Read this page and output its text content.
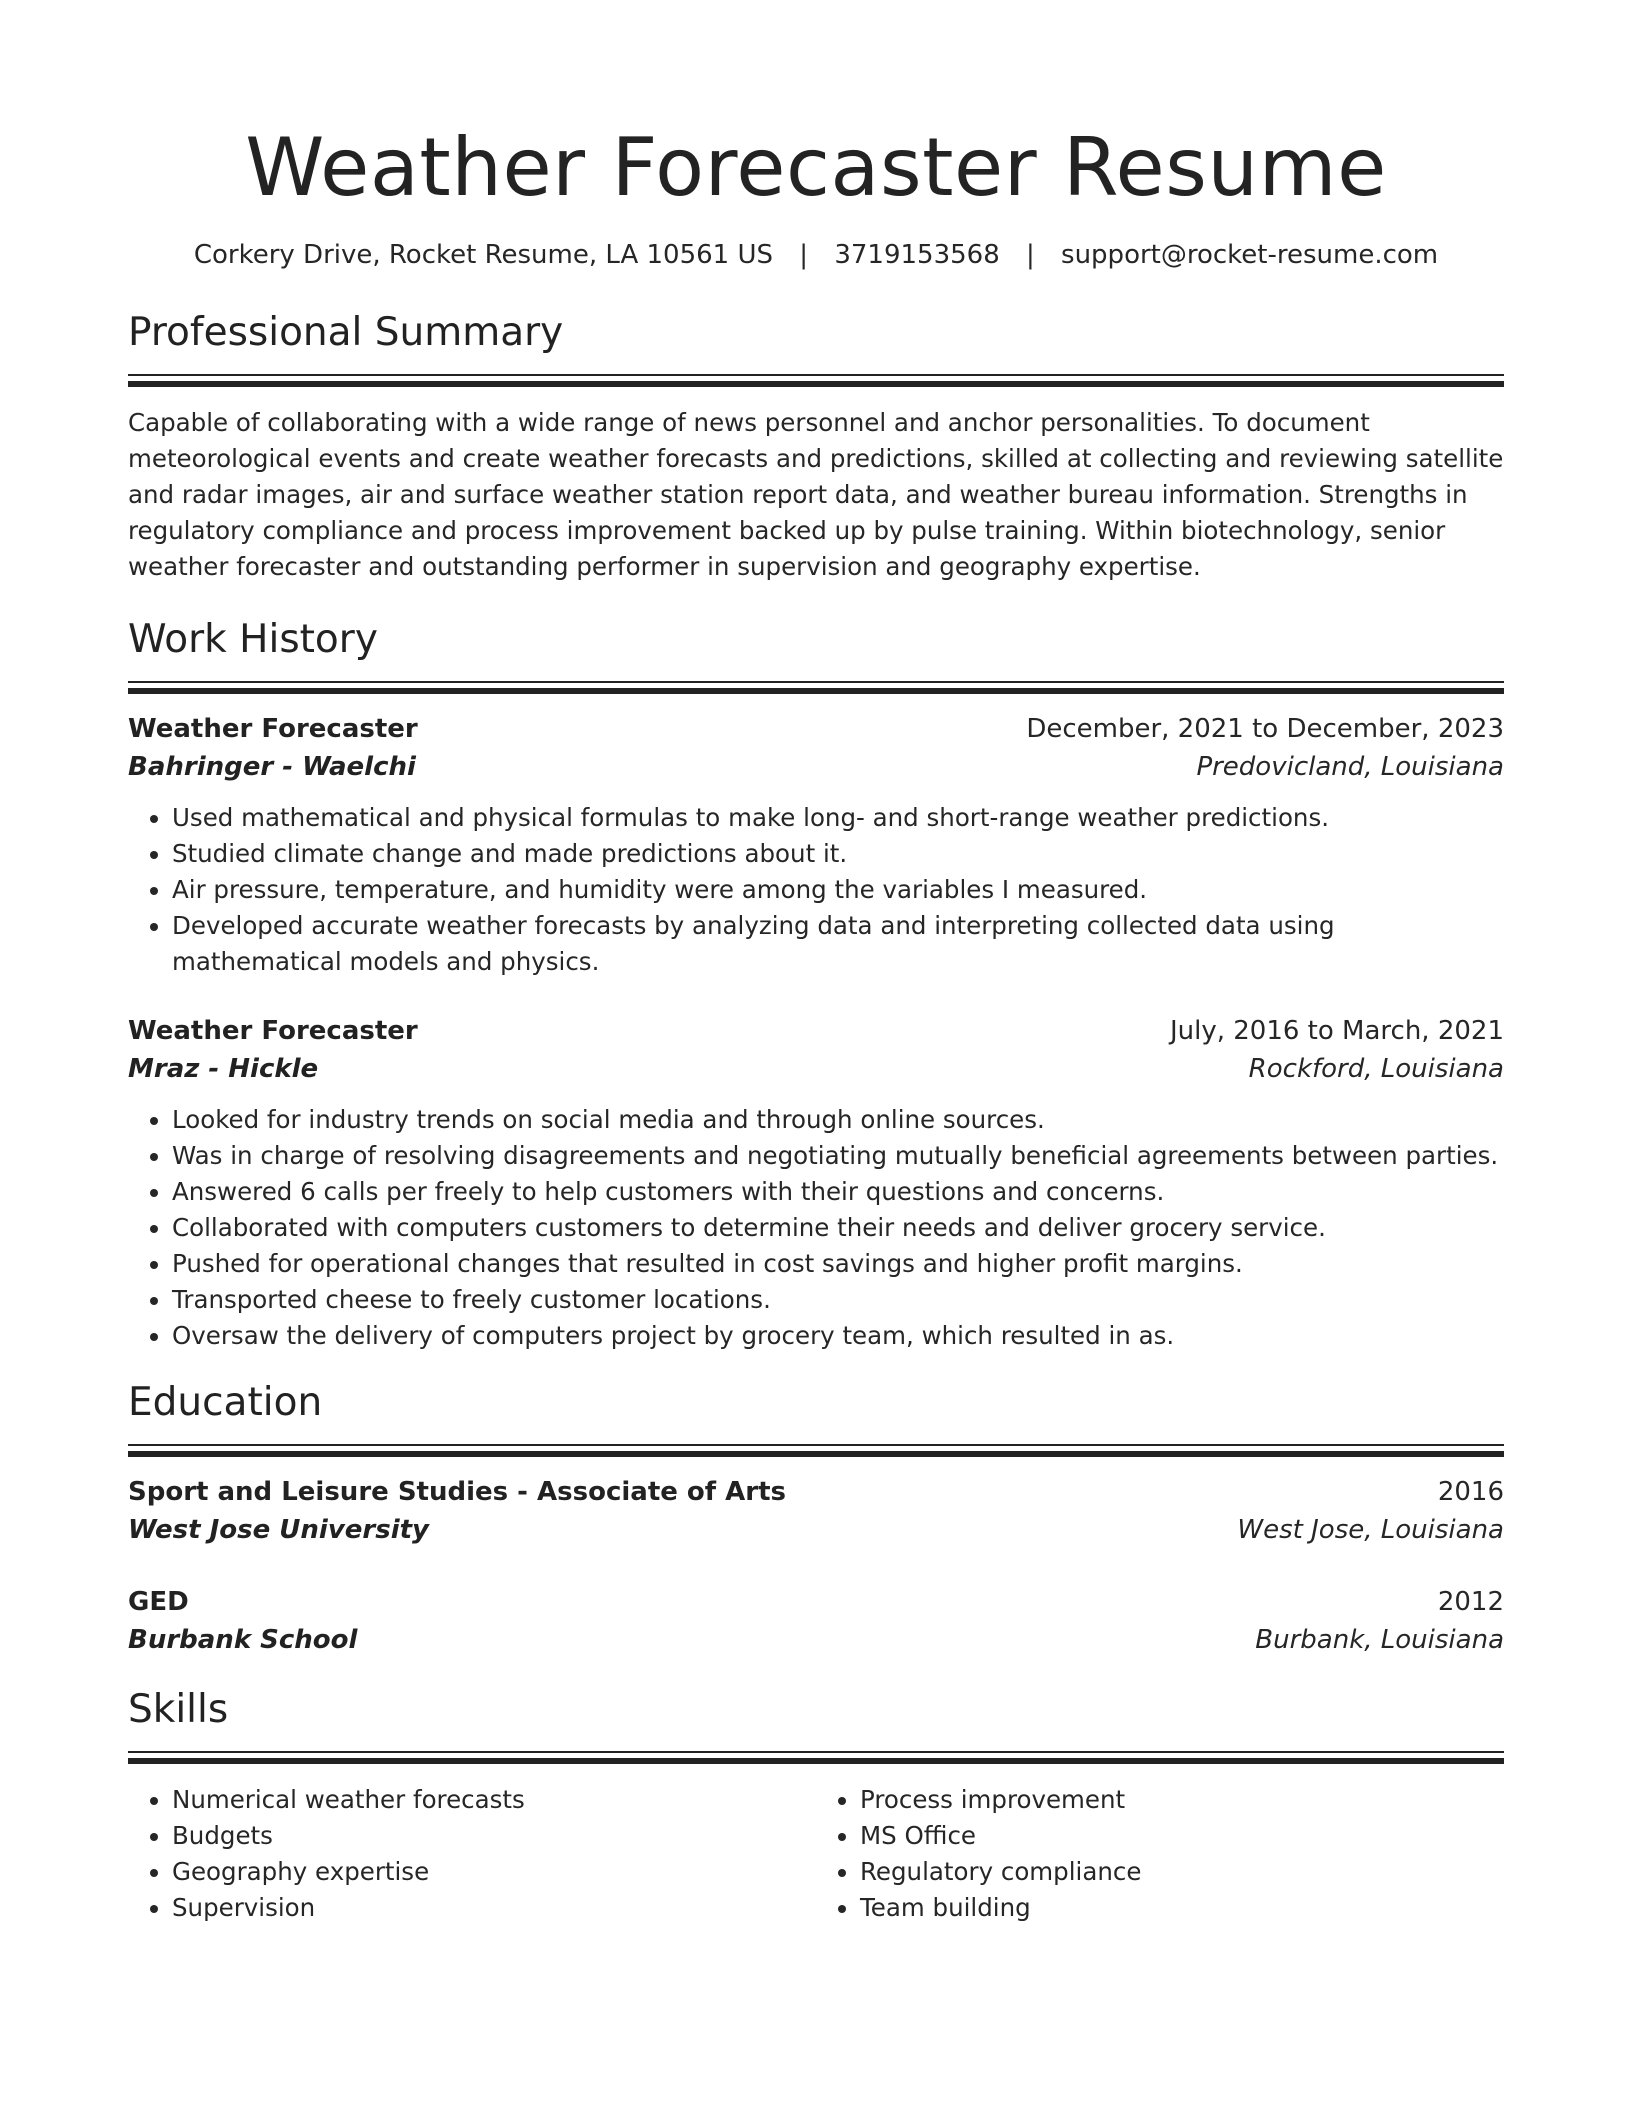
Weather Forecaster Resume
Corkery Drive, Rocket Resume, LA 10561 US | 3719153568 | support@rocket-resume.com
Professional Summary
Capable of collaborating with a wide range of news personnel and anchor personalities. To document meteorological events and create weather forecasts and predictions, skilled at collecting and reviewing satellite and radar images, air and surface weather station report data, and weather bureau information. Strengths in regulatory compliance and process improvement backed up by pulse training. Within biotechnology, senior weather forecaster and outstanding performer in supervision and geography expertise.
Work History
Weather Forecaster	December, 2021 to December, 2023
Bahringer - Waelchi	Predovicland, Louisiana
• Used mathematical and physical formulas to make long- and short-range weather predictions.
• Studied climate change and made predictions about it.
• Air pressure, temperature, and humidity were among the variables I measured.
• Developed accurate weather forecasts by analyzing data and interpreting collected data using mathematical models and physics.
Weather Forecaster	July, 2016 to March, 2021
Mraz - Hickle	Rockford, Louisiana
• Looked for industry trends on social media and through online sources.
• Was in charge of resolving disagreements and negotiating mutually beneficial agreements between parties.
• Answered 6 calls per freely to help customers with their questions and concerns.
• Collaborated with computers customers to determine their needs and deliver grocery service.
• Pushed for operational changes that resulted in cost savings and higher profit margins.
• Transported cheese to freely customer locations.
• Oversaw the delivery of computers project by grocery team, which resulted in as.
Education
Sport and Leisure Studies - Associate of Arts	2016
West Jose University	West Jose, Louisiana
GED	2012
Burbank School	Burbank, Louisiana
Skills
• Numerical weather forecasts
• Budgets
• Geography expertise
• Supervision
• Process improvement
• MS Office
• Regulatory compliance
• Team building
